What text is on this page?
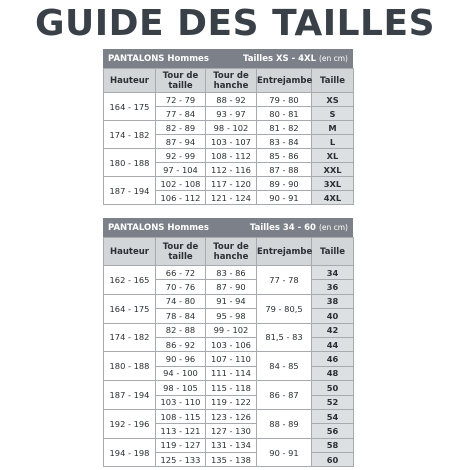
GUIDE DES TAILLES
PANTALONS Hommes	Tailles XS - 4XL (en cm)
Hauteur	Tour de taille	Tour de hanche	Entrejambe	Taille
164 - 175	72 - 79	88 - 92	79 - 80	XS
	77 - 84	93 - 97	80 - 81	S
174 - 182	82 - 89	98 - 102	81 - 82	M
	87 - 94	103 - 107	83 - 84	L
180 - 188	92 - 99	108 - 112	85 - 86	XL
	97 - 104	112 - 116	87 - 88	XXL
187 - 194	102 - 108	117 - 120	89 - 90	3XL
	106 - 112	121 - 124	90 - 91	4XL
PANTALONS Hommes	Tailles 34 - 60 (en cm)
Hauteur	Tour de taille	Tour de hanche	Entrejambe	Taille
162 - 165	66 - 72	83 - 86	77 - 78	34
	70 - 76	87 - 90		36
164 - 175	74 - 80	91 - 94	79 - 80,5	38
	78 - 84	95 - 98		40
174 - 182	82 - 88	99 - 102	81,5 - 83	42
	86 - 92	103 - 106		44
180 - 188	90 - 96	107 - 110	84 - 85	46
	94 - 100	111 - 114		48
187 - 194	98 - 105	115 - 118	86 - 87	50
	103 - 110	119 - 122		52
192 - 196	108 - 115	123 - 126	88 - 89	54
	113 - 121	127 - 130		56
194 - 198	119 - 127	131 - 134	90 - 91	58
	125 - 133	135 - 138		60
